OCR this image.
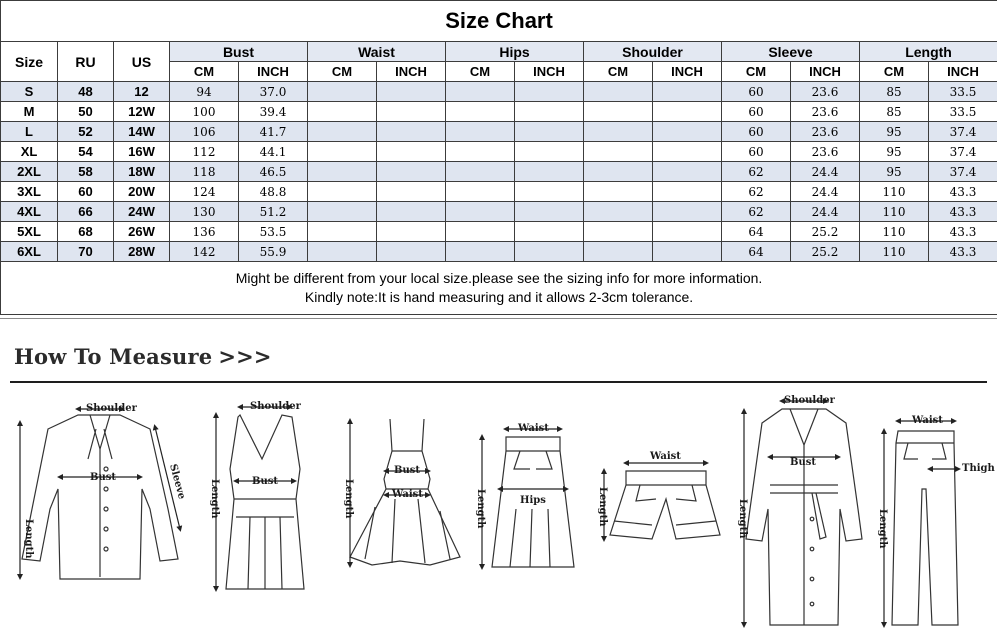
Size Chart														
Size	RU	US	Bust		Waist		Hips		Shoulder		Sleeve		Length	
			CM	INCH	CM	INCH	CM	INCH	CM	INCH	CM	INCH	CM	INCH
S	48	12	94	37.0							60	23.6	85	33.5
M	50	12W	100	39.4							60	23.6	85	33.5
L	52	14W	106	41.7							60	23.6	95	37.4
XL	54	16W	112	44.1							60	23.6	95	37.4
2XL	58	18W	118	46.5							62	24.4	95	37.4
3XL	60	20W	124	48.8							62	24.4	110	43.3
4XL	66	24W	130	51.2							62	24.4	110	43.3
5XL	68	26W	136	53.5							64	25.2	110	43.3
6XL	70	28W	142	55.9							64	25.2	110	43.3

Might be different from your local size.please see the sizing info for more information.
Kindly note:It is hand measuring and it allows 2-3cm tolerance.														
How To Measure >>>
Shoulder
Bust
Length
Sleeve
Shoulder
Bust
Length
Bust
Waist
Length
Waist
Hips
Length
Waist
Length
Shoulder
Bust
Length
Waist
Thigh
Length
